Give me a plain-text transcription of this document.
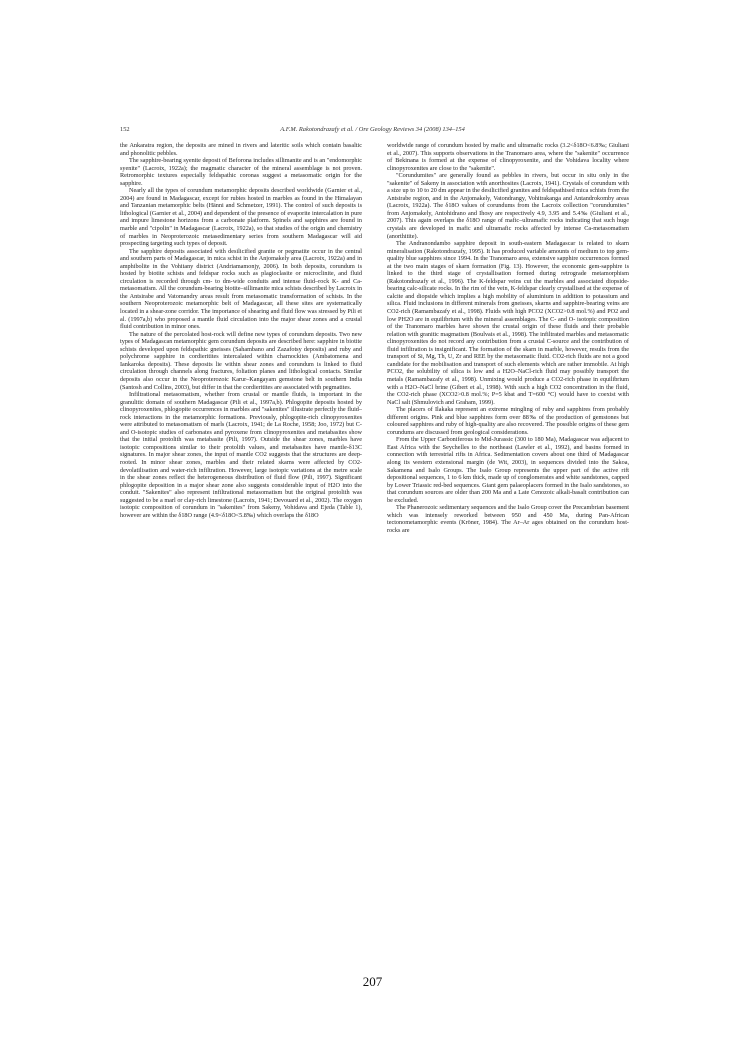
152	A.F.M. Rakotondrazafy et al. / Ore Geology Reviews 34 (2008) 134–154

the Ankaratra region, the deposits are mined in rivers and lateritic soils which contain basaltic and phonolitic pebbles.

The sapphire-bearing syenite deposit of Beforona includes sillimanite and is an "endomorphic syenite" (Lacroix, 1922a); the magmatic character of the mineral assemblage is not proven. Retromorphic textures especially feldspathic coronas suggest a metasomatic origin for the sapphire.

Nearly all the types of corundum metamorphic deposits described worldwide (Garnier et al., 2004) are found in Madagascar, except for rubies hosted in marbles as found in the Himalayan and Tanzanian metamorphic belts (Hänni and Schmetzer, 1991). The control of such deposits is lithological (Garnier et al., 2004) and dependent of the presence of evaporite intercalation in pure and impure limestone horizons from a carbonate platform. Spinels and sapphires are found in marble and "cipolin" in Madagascar (Lacroix, 1922a), so that studies of the origin and chemistry of marbles in Neoproterozoic metasedimentary series from southern Madagascar will aid prospecting targeting such types of deposit.

The sapphire deposits associated with desilicified granite or pegmatite occur in the central and southern parts of Madagascar, in mica schist in the Anjomakely area (Lacroix, 1922a) and in amphibolite in the Vohitany district (Andriamamonjy, 2006). In both deposits, corundum is hosted by biotite schists and feldspar rocks such as plagioclasite or microclinite, and fluid circulation is recorded through cm- to dm-wide conduits and intense fluid–rock K- and Ca-metasomatism. All the corundum-bearing biotite–sillimanite mica schists described by Lacroix in the Antsirabe and Vatomandry areas result from metasomatic transformation of schists. In the southern Neoproterozoic metamorphic belt of Madagascar, all these sites are systematically located in a shear-zone corridor. The importance of shearing and fluid flow was stressed by Pili et al. (1997a,b) who proposed a mantle fluid circulation into the major shear zones and a crustal fluid contribution in minor ones.

The nature of the percolated host-rock will define new types of corundum deposits. Two new types of Madagascan metamorphic gem corundum deposits are described here: sapphire in biotite schists developed upon feldspathic gneisses (Sahambano and Zazafotsy deposits) and ruby and polychrome sapphire in cordieritites intercalated within charnockites (Ambatomena and Iankaroka deposits). These deposits lie within shear zones and corundum is linked to fluid circulation through channels along fractures, foliation planes and lithological contacts. Similar deposits also occur in the Neoproterozoic Karur–Kangayam gemstone belt in southern India (Santosh and Collins, 2003), but differ in that the cordieritites are associated with pegmatites.

Infiltrational metasomatism, whether from crustal or mantle fluids, is important in the granulitic domain of southern Madagascar (Pili et al., 1997a,b). Phlogopite deposits hosted by clinopyroxenites, phlogopite occurrences in marbles and "sakenites" illustrate perfectly the fluid–rock interactions in the metamorphic formations. Previously, phlogopite-rich clinopyroxenites were attributed to metasomatism of marls (Lacroix, 1941; de La Roche, 1958; Joo, 1972) but C- and O-isotopic studies of carbonates and pyroxene from clinopyroxenites and metabasites show that the initial protolith was metabasite (Pili, 1997). Outside the shear zones, marbles have isotopic compositions similar to their protolith values, and metabasites have mantle-δ13C signatures. In major shear zones, the input of mantle CO2 suggests that the structures are deep-rooted. In minor shear zones, marbles and their related skarns were affected by CO2-devolatilisation and water-rich infiltration. However, large isotopic variations at the metre scale in the shear zones reflect the heterogeneous distribution of fluid flow (Pili, 1997). Significant phlogopite deposition in a major shear zone also suggests considerable input of H2O into the conduit. "Sakenites" also represent infiltrational metasomatism but the original protolith was suggested to be a marl or clay-rich limestone (Lacroix, 1941; Devouard et al., 2002). The oxygen isotopic composition of corundum in "sakenites" from Sakeny, Vohidava and Ejeda (Table 1), however are within the δ18O range (4.9<δ18O<5.8‰) which overlaps the δ18O

worldwide range of corundum hosted by mafic and ultramafic rocks (3.2<δ18O<6.8‰; Giuliani et al., 2007). This supports observations in the Tranomaro area, where the "sakenite" occurrence of Bekinana is formed at the expense of clinopyroxenite, and the Vohidava locality where clinopyroxenites are close to the "sakenite".

"Corundumites" are generally found as pebbles in rivers, but occur in situ only in the "sakenite" of Sakeny in association with anorthosites (Lacroix, 1941). Crystals of corundum with a size up to 10 to 20 dm appear in the desilicified granites and feldspathised mica schists from the Antsirabe region, and in the Anjomakely, Vatondrangy, Vohitrakanga and Antandrokomby areas (Lacroix, 1922a). The δ18O values of corundums from the Lacroix collection "corundumites" from Anjomakely, Antohidrano and Ihosy are respectively 4.9, 3.95 and 5.4‰ (Giuliani et al., 2007). This again overlaps the δ18O range of mafic–ultramafic rocks indicating that such huge crystals are developed in mafic and ultramafic rocks affected by intense Ca-metasomatism (anorthitite).

The Andranondambo sapphire deposit in south-eastern Madagascar is related to skarn mineralisation (Rakotondrazafy, 1995). It has produced variable amounts of medium to top gem-quality blue sapphires since 1994. In the Tranomaro area, extensive sapphire occurrences formed at the two main stages of skarn formation (Fig. 13). However, the economic gem-sapphire is linked to the third stage of crystallisation formed during retrograde metamorphism (Rakotondrazafy et al., 1996). The K-feldspar veins cut the marbles and associated diopside-bearing calc-silicate rocks. In the rim of the vein, K-feldspar clearly crystallised at the expense of calcite and diopside which implies a high mobility of aluminium in addition to potassium and silica. Fluid inclusions in different minerals from gneisses, skarns and sapphire-bearing veins are CO2-rich (Ramambazafy et al., 1998). Fluids with high PCO2 (XCO2>0.8 mol.%) and PO2 and low PH2O are in equilibrium with the mineral assemblages. The C- and O- isotopic composition of the Tranomaro marbles have shown the crustal origin of these fluids and their probable relation with granitic magmatism (Boulvais et al., 1998). The infiltrated marbles and metasomatic clinopyroxenites do not record any contribution from a crustal C-source and the contribution of fluid infiltration is insignificant. The formation of the skarn in marble, however, results from the transport of Si, Mg, Th, U, Zr and REE by the metasomatic fluid. CO2-rich fluids are not a good candidate for the mobilisation and transport of such elements which are rather immobile. At high PCO2, the solubility of silica is low and a H2O–NaCl-rich fluid may possibly transport the metals (Ramambazafy et al., 1998). Unmixing would produce a CO2-rich phase in equilibrium with a H2O–NaCl brine (Gibert et al., 1998). With such a high CO2 concentration in the fluid, the CO2-rich phase (XCO2>0.8 mol.%; P=5 kbat and T=600 °C) would have to coexist with NaCl salt (Shmulovich and Graham, 1999).

The placers of Ilakaka represent an extreme mingling of ruby and sapphires from probably different origins. Pink and blue sapphires form over 88‰ of the production of gemstones but coloured sapphires and ruby of high-quality are also recovered. The possible origins of these gem corundums are discussed from geological considerations.

From the Upper Carboniferous to Mid-Jurassic (300 to 180 Ma), Madagascar was adjacent to East Africa with the Seychelles to the northeast (Lawler et al., 1992), and basins formed in connection with terrestrial rifts in Africa. Sedimentation covers about one third of Madagascar along its western extensional margin (de Wit, 2003), in sequences divided into the Sakoa, Sakamena and Isalo Groups. The Isalo Group represents the upper part of the active rift depositional sequences, 1 to 6 km thick, made up of conglomerates and white sandstones, capped by Lower Triassic red-bed sequences. Giant gem palaeoplacers formed in the Isalo sandstones, so that corundum sources are older than 200 Ma and a Late Cenozoic alkali-basalt contribution can be excluded.

The Phanerozoic sedimentary sequences and the Isalo Group cover the Precambrian basement which was intensely reworked between 950 and 450 Ma, during Pan-African tectonometamorphic events (Kröner, 1984). The Ar–Ar ages obtained on the corundum host- rocks are

207
